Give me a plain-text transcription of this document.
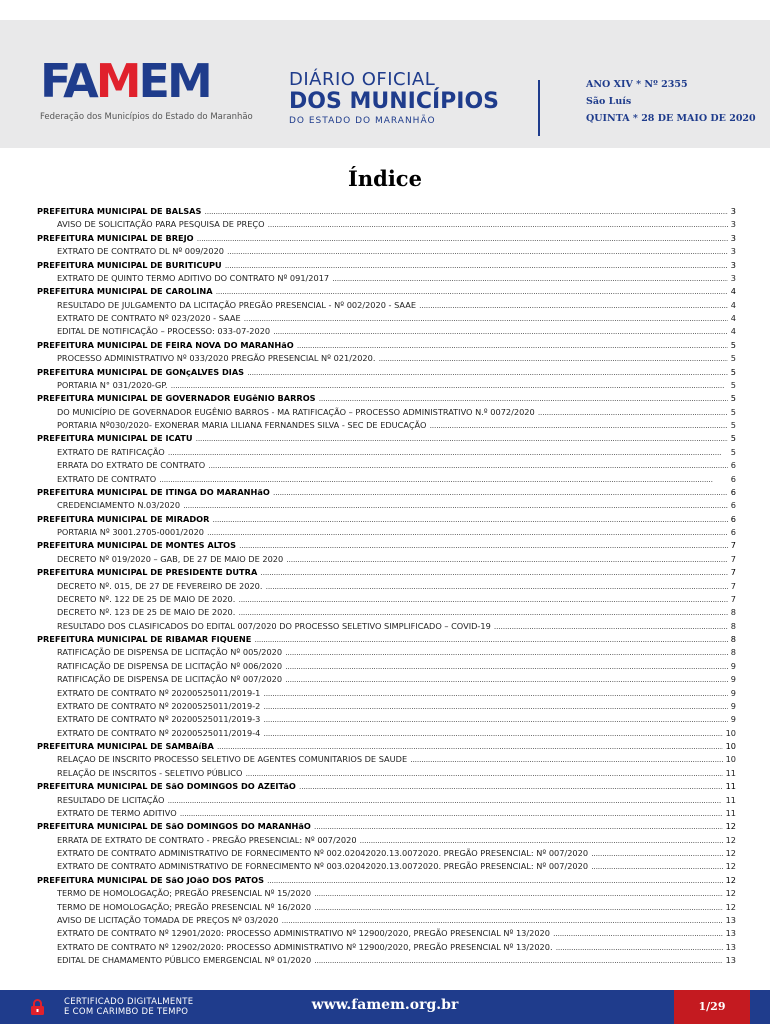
FAMEM
Federação dos Municípios do Estado do Maranhão
DIÁRIO OFICIAL
DOS MUNICÍPIOS
DO ESTADO DO MARANHÃO
ANO XIV * Nº 2355
São Luís
QUINTA * 28 DE MAIO DE 2020
Índice
PREFEITURA MUNICIPAL DE BALSAS . . .	3
AVISO DE SOLICITAÇÃO PARA PESQUISA DE PREÇO . . .	3
PREFEITURA MUNICIPAL DE BREJO . . .	3
EXTRATO DE CONTRATO DL Nº 009/2020 . . .	3
PREFEITURA MUNICIPAL DE BURITICUPU . . .	3
EXTRATO DE QUINTO TERMO ADITIVO DO CONTRATO Nº 091/2017 . . .	3
PREFEITURA MUNICIPAL DE CAROLINA . . .	4
RESULTADO DE JULGAMENTO DA LICITAÇÃO PREGÃO PRESENCIAL - Nº 002/2020 - SAAE . . .	4
EXTRATO DE CONTRATO Nº 023/2020 - SAAE . . .	4
EDITAL DE NOTIFICAÇÃO – PROCESSO: 033-07-2020 . . .	4
PREFEITURA MUNICIPAL DE FEIRA NOVA DO MARANHãO . . .	5
PROCESSO ADMINISTRATIVO Nº 033/2020 PREGÃO PRESENCIAL Nº 021/2020. . . .	5
PREFEITURA MUNICIPAL DE GONçALVES DIAS . . .	5
PORTARIA N° 031/2020-GP. . . .	5
PREFEITURA MUNICIPAL DE GOVERNADOR EUGêNIO BARROS . . .	5
DO MUNICÍPIO DE GOVERNADOR EUGÊNIO BARROS - MA RATIFICAÇÃO – PROCESSO ADMINISTRATIVO N.º 0072/2020 . . .	5
PORTARIA Nº030/2020- EXONERAR MARIA LILIANA FERNANDES SILVA - SEC DE EDUCAÇÃO . . .	5
PREFEITURA MUNICIPAL DE ICATU . . .	5
EXTRATO DE RATIFICAÇÃO . . .	5
ERRATA DO EXTRATO DE CONTRATO . . .	6
EXTRATO DE CONTRATO . . .	6
PREFEITURA MUNICIPAL DE ITINGA DO MARANHãO . . .	6
CREDENCIAMENTO N.03/2020 . . .	6
PREFEITURA MUNICIPAL DE MIRADOR . . .	6
PORTARIA Nº 3001.2705-0001/2020 . . .	6
PREFEITURA MUNICIPAL DE MONTES ALTOS . . .	7
DECRETO Nº 019/2020 – GAB, DE 27 DE MAIO DE 2020 . . .	7
PREFEITURA MUNICIPAL DE PRESIDENTE DUTRA . . .	7
DECRETO Nº. 015, DE 27 DE FEVEREIRO DE 2020. . . .	7
DECRETO Nº. 122 DE 25 DE MAIO DE 2020. . . .	7
DECRETO Nº. 123 DE 25 DE MAIO DE 2020. . . .	8
RESULTADO DOS CLASIFICADOS DO EDITAL 007/2020 DO PROCESSO SELETIVO SIMPLIFICADO – COVID-19 . . .	8
PREFEITURA MUNICIPAL DE RIBAMAR FIQUENE . . .	8
RATIFICAÇÃO DE DISPENSA DE LICITAÇÃO Nº 005/2020 . . .	8
RATIFICAÇÃO DE DISPENSA DE LICITAÇÃO Nº 006/2020 . . .	9
RATIFICAÇÃO DE DISPENSA DE LICITAÇÃO Nº 007/2020 . . .	9
EXTRATO DE CONTRATO Nº 20200525011/2019-1 . . .	9
EXTRATO DE CONTRATO Nº 20200525011/2019-2 . . .	9
EXTRATO DE CONTRATO Nº 20200525011/2019-3 . . .	9
EXTRATO DE CONTRATO Nº 20200525011/2019-4 . . .	10
PREFEITURA MUNICIPAL DE SAMBAíBA . . .	10
RELAÇAO DE INSCRITO PROCESSO SELETIVO DE AGENTES COMUNITARIOS DE SAUDE . . .	10
RELAÇÃO DE INSCRITOS - SELETIVO PÚBLICO . . .	11
PREFEITURA MUNICIPAL DE SãO DOMINGOS DO AZEITãO . . .	11
RESULTADO DE LICITAÇÃO . . .	11
EXTRATO DE TERMO ADITIVO . . .	11
PREFEITURA MUNICIPAL DE SãO DOMINGOS DO MARANHãO . . .	12
ERRATA DE EXTRATO DE CONTRATO - PREGÃO PRESENCIAL: Nº 007/2020 . . .	12
EXTRATO DE CONTRATO ADMINISTRATIVO DE FORNECIMENTO Nº 002.02042020.13.0072020. PREGÃO PRESENCIAL: Nº 007/2020 . . .	12
EXTRATO DE CONTRATO ADMINISTRATIVO DE FORNECIMENTO Nº 003.02042020.13.0072020. PREGÃO PRESENCIAL: Nº 007/2020 . . .	12
PREFEITURA MUNICIPAL DE SãO JOãO DOS PATOS . . .	12
TERMO DE HOMOLOGAÇÃO; PREGÃO PRESENCIAL Nº 15/2020 . . .	12
TERMO DE HOMOLOGAÇÃO; PREGÃO PRESENCIAL Nº 16/2020 . . .	12
AVISO DE LICITAÇÃO TOMADA DE PREÇOS Nº 03/2020 . . .	13
EXTRATO DE CONTRATO Nº 12901/2020: PROCESSO ADMINISTRATIVO Nº 12900/2020, PREGÃO PRESENCIAL Nº 13/2020 . . .	13
EXTRATO DE CONTRATO Nº 12902/2020: PROCESSO ADMINISTRATIVO Nº 12900/2020, PREGÃO PRESENCIAL Nº 13/2020. . . .	13
EDITAL DE CHAMAMENTO PÚBLICO EMERGENCIAL Nº 01/2020 . . .	13
CERTIFICADO DIGITALMENTE
E COM CARIMBO DE TEMPO	www.famem.org.br	1/29
